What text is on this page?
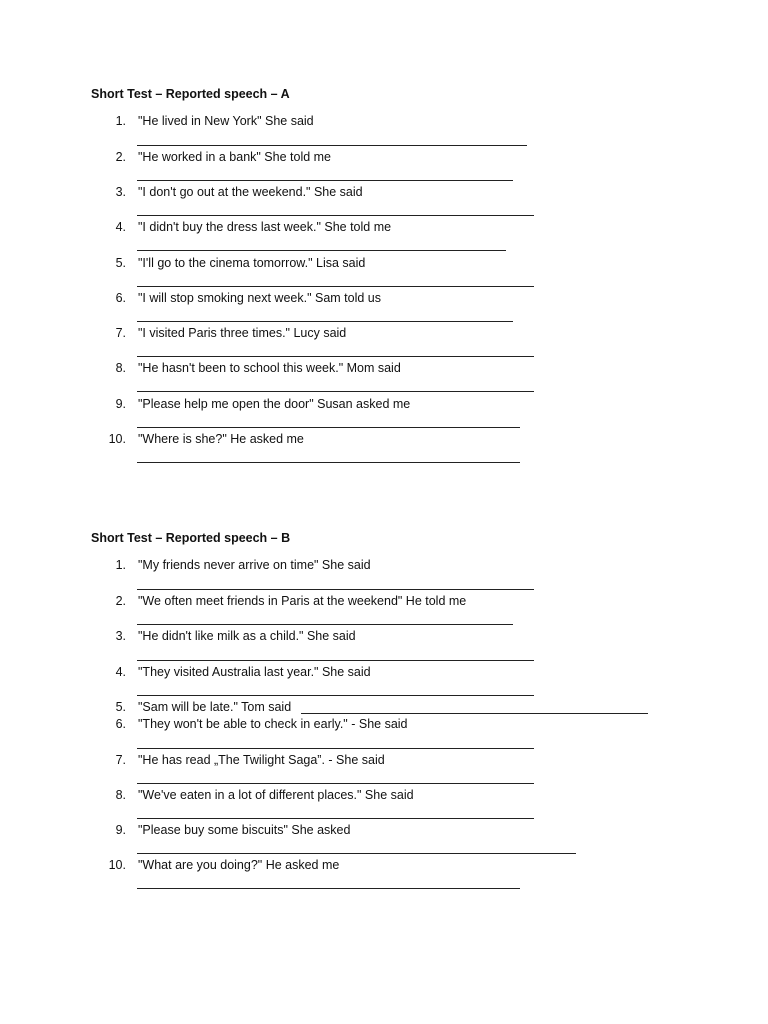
Short Test – Reported speech – A
1. "He lived in New York" She said
2. "He worked in a bank" She told me
3. "I don't go out at the weekend." She said
4. "I didn't buy the dress last week." She told me
5. "I'll go to the cinema tomorrow." Lisa said
6. "I will stop smoking next week." Sam told us
7. "I visited Paris three times." Lucy said
8. "He hasn't been to school this week." Mom said
9. "Please help me open the door" Susan asked me
10. "Where is she?" He asked me
Short Test – Reported speech – B
1. "My friends never arrive on time" She said
2. "We often meet friends in Paris at the weekend" He told me
3. "He didn't like milk as a child." She said
4. "They visited Australia last year." She said
5. "Sam will be late." Tom said
6. "They won't be able to check in early." - She said
7. "He has read „The Twilight Saga”. - She said
8. "We've eaten in a lot of different places." She said
9. "Please buy some biscuits" She asked
10. "What are you doing?" He asked me
